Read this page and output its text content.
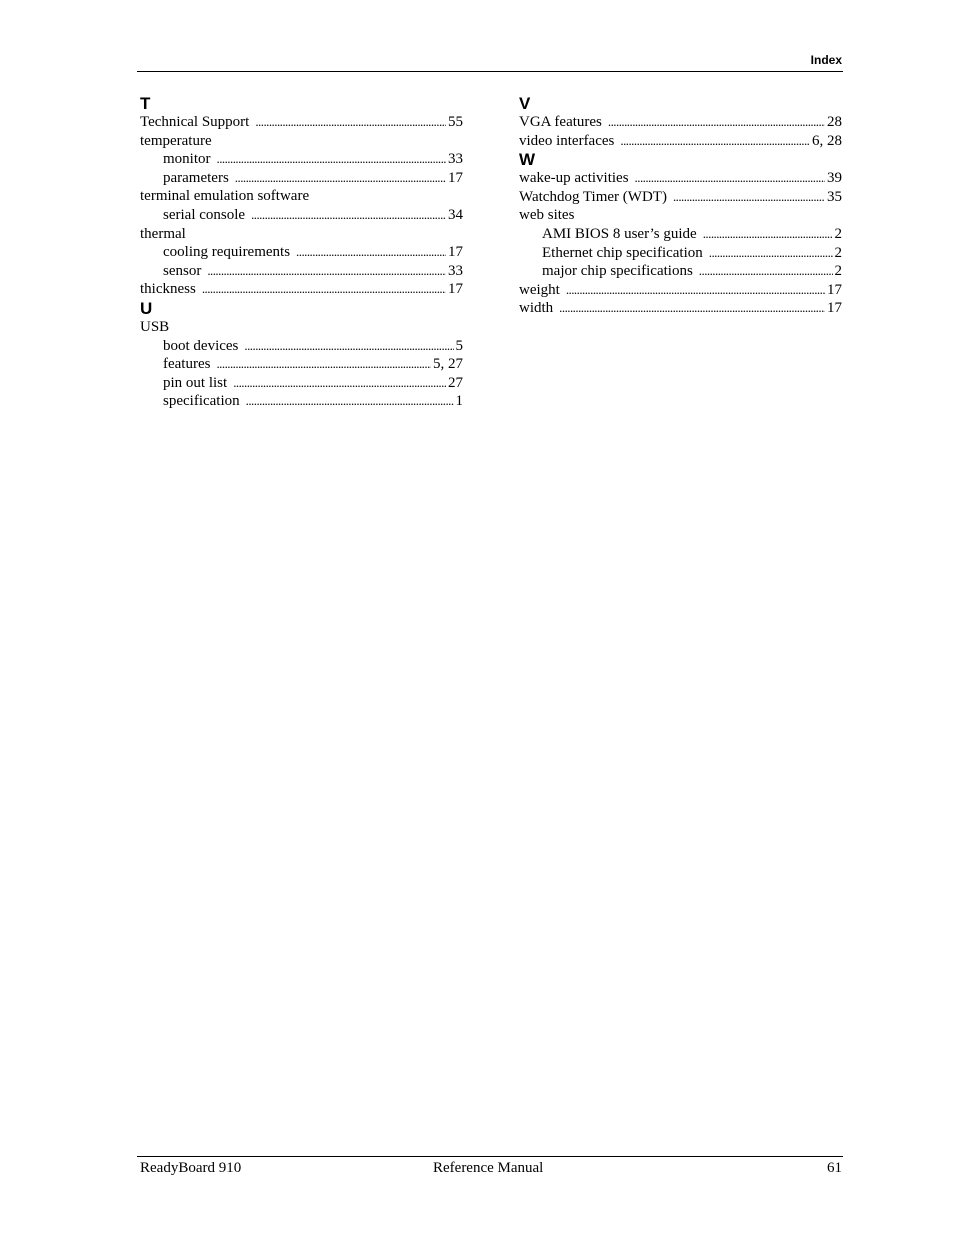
Index
T
Technical Support . . .	55
temperature
monitor . . .	33
parameters . . .	17
terminal emulation software
serial console . . .	34
thermal
cooling requirements . . .	17
sensor . . .	33
thickness . . .	17
U
USB
boot devices . . .	5
features . . .	5, 27
pin out list . . .	27
specification . . .	1
V
VGA features . . .	28
video interfaces . . .	6, 28
W
wake-up activities . . .	39
Watchdog Timer (WDT) . . .	35
web sites
AMI BIOS 8 user’s guide . . .	2
Ethernet chip specification . . .	2
major chip specifications . . .	2
weight . . .	17
width . . .	17
ReadyBoard 910	Reference Manual	61
